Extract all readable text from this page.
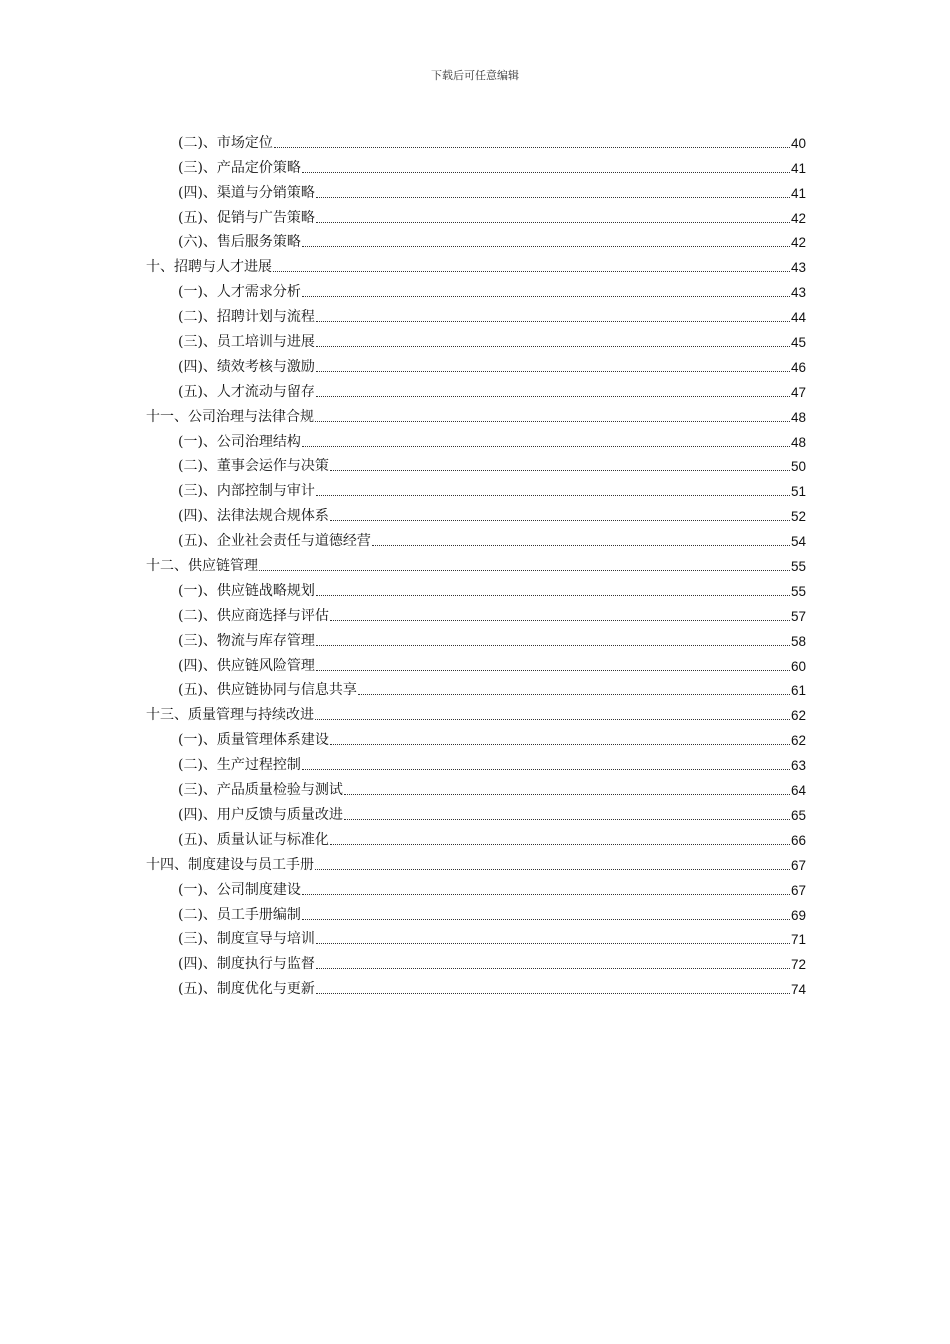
下载后可任意编辑
(二)、市场定位	40
(三)、产品定价策略	41
(四)、渠道与分销策略	41
(五)、促销与广告策略	42
(六)、售后服务策略	42
十、招聘与人才进展	43
(一)、人才需求分析	43
(二)、招聘计划与流程	44
(三)、员工培训与进展	45
(四)、绩效考核与激励	46
(五)、人才流动与留存	47
十一、公司治理与法律合规	48
(一)、公司治理结构	48
(二)、董事会运作与决策	50
(三)、内部控制与审计	51
(四)、法律法规合规体系	52
(五)、企业社会责任与道德经营	54
十二、供应链管理	55
(一)、供应链战略规划	55
(二)、供应商选择与评估	57
(三)、物流与库存管理	58
(四)、供应链风险管理	60
(五)、供应链协同与信息共享	61
十三、质量管理与持续改进	62
(一)、质量管理体系建设	62
(二)、生产过程控制	63
(三)、产品质量检验与测试	64
(四)、用户反馈与质量改进	65
(五)、质量认证与标准化	66
十四、制度建设与员工手册	67
(一)、公司制度建设	67
(二)、员工手册编制	69
(三)、制度宣导与培训	71
(四)、制度执行与监督	72
(五)、制度优化与更新	74
